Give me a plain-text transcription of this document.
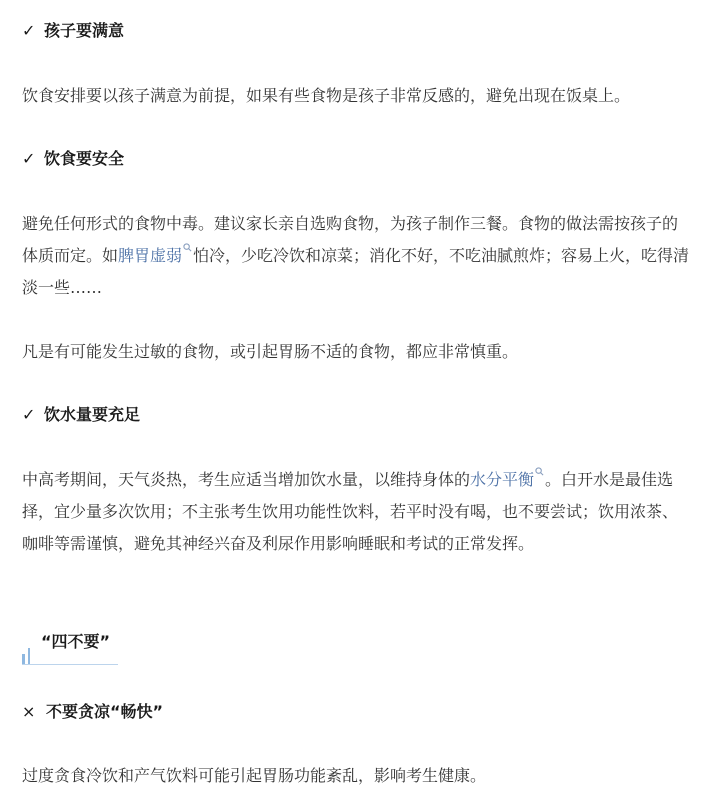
✓ 孩子要满意

饮食安排要以孩子满意为前提，如果有些食物是孩子非常反感的，避免出现在饭桌上。

✓ 饮食要安全

避免任何形式的食物中毒。建议家长亲自选购食物，为孩子制作三餐。食物的做法需按孩子的体质而定。如脾胃虚弱 怕冷，少吃冷饮和凉菜；消化不好，不吃油腻煎炸；容易上火，吃得清淡一些……

凡是有可能发生过敏的食物，或引起胃肠不适的食物，都应非常慎重。

✓ 饮水量要充足

中高考期间，天气炎热，考生应适当增加饮水量，以维持身体的水分平衡 。白开水是最佳选择，宜少量多次饮用；不主张考生饮用功能性饮料，若平时没有喝，也不要尝试；饮用浓茶、咖啡等需谨慎，避免其神经兴奋及利尿作用影响睡眠和考试的正常发挥。

“四不要”
× 不要贪凉“畅快”

过度贪食冷饮和产气饮料可能引起胃肠功能紊乱，影响考生健康。
